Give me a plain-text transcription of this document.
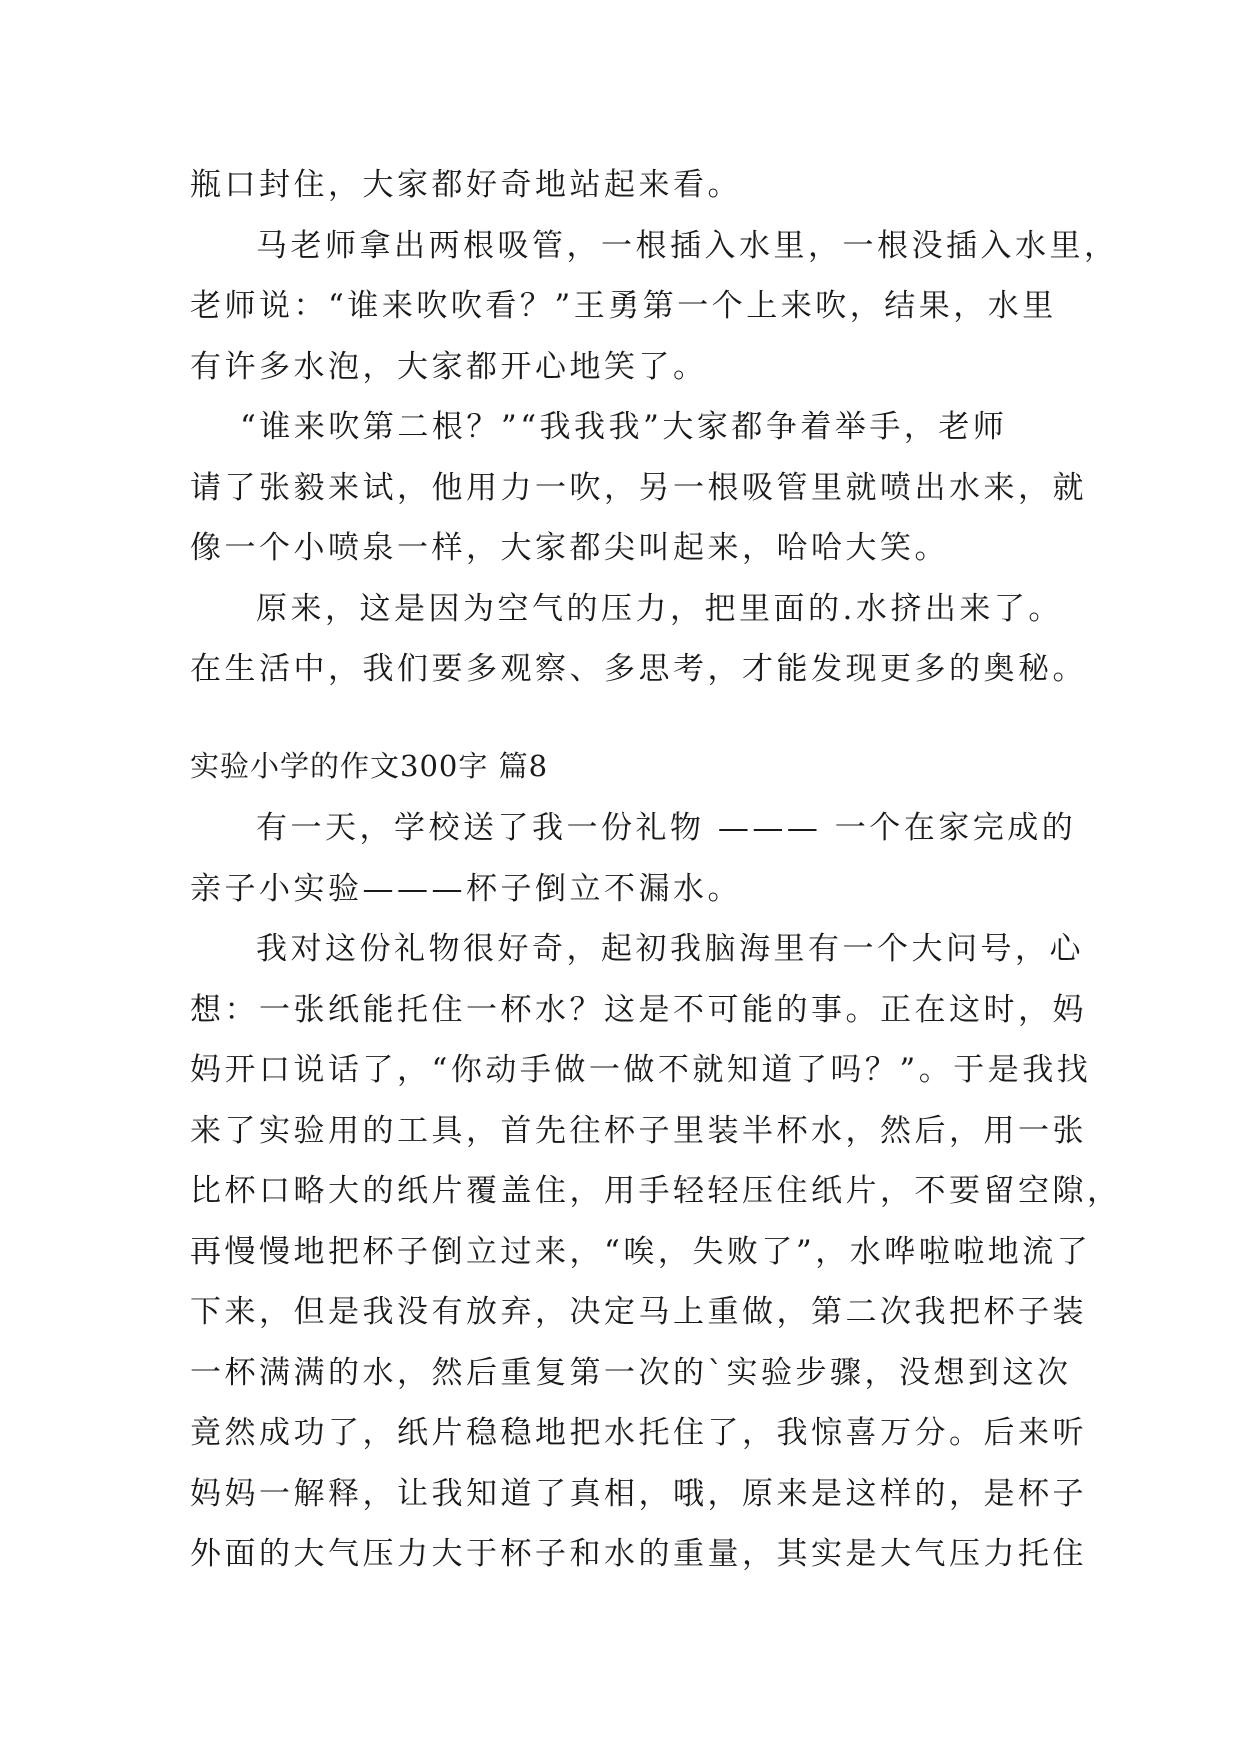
瓶口封住，大家都好奇地站起来看。
马老师拿出两根吸管，一根插入水里，一根没插入水里，
老师说：“谁来吹吹看？”王勇第一个上来吹，结果，水里
有许多水泡，大家都开心地笑了。
“谁来吹第二根？”“我我我”大家都争着举手，老师
请了张毅来试，他用力一吹，另一根吸管里就喷出水来，就
像一个小喷泉一样，大家都尖叫起来，哈哈大笑。
原来，这是因为空气的压力，把里面的.水挤出来了。
在生活中，我们要多观察、多思考，才能发现更多的奥秘。
实验小学的作文300字 篇8
有一天，学校送了我一份礼物 ——— 一个在家完成的
亲子小实验———杯子倒立不漏水。
我对这份礼物很好奇，起初我脑海里有一个大问号，心
想：一张纸能托住一杯水？这是不可能的事。正在这时，妈
妈开口说话了，“你动手做一做不就知道了吗？”。于是我找
来了实验用的工具，首先往杯子里装半杯水，然后，用一张
比杯口略大的纸片覆盖住，用手轻轻压住纸片，不要留空隙，
再慢慢地把杯子倒立过来，“唉，失败了”，水哗啦啦地流了
下来，但是我没有放弃，决定马上重做，第二次我把杯子装
一杯满满的水，然后重复第一次的`实验步骤，没想到这次
竟然成功了，纸片稳稳地把水托住了，我惊喜万分。后来听
妈妈一解释，让我知道了真相，哦，原来是这样的，是杯子
外面的大气压力大于杯子和水的重量，其实是大气压力托住
